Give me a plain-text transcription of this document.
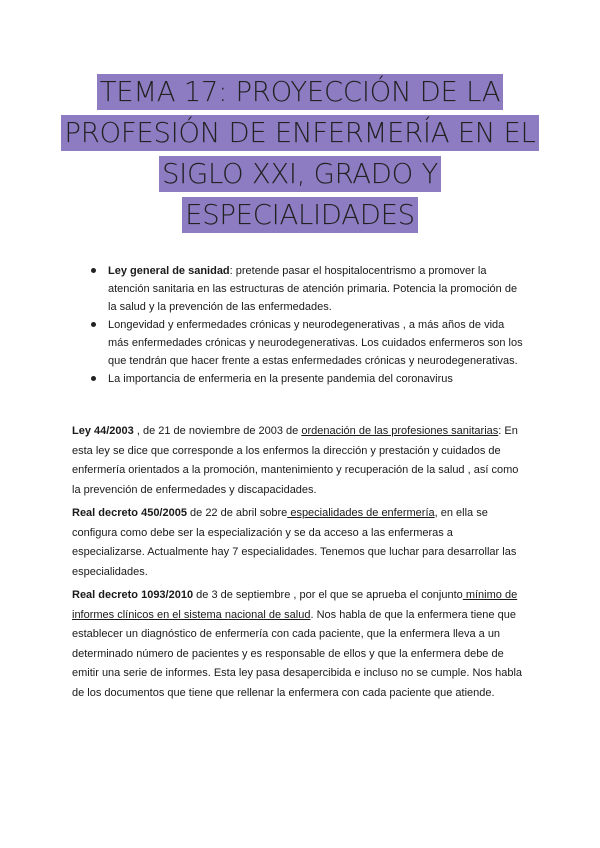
TEMA 17: PROYECCIÓN DE LA
PROFESIÓN DE ENFERMERÍA EN EL
SIGLO XXI, GRADO Y
ESPECIALIDADES
Ley general de sanidad: pretende pasar el hospitalocentrismo a promover la atención sanitaria en las estructuras de atención primaria. Potencia la promoción de la salud y la prevención de las enfermedades.
Longevidad y enfermedades crónicas y neurodegenerativas , a más años de vida más enfermedades crónicas y neurodegenerativas. Los cuidados enfermeros son los que tendrán que hacer frente a estas enfermedades crónicas y neurodegenerativas.
La importancia de enfermeria en la presente pandemia del coronavirus

Ley 44/2003 , de 21 de noviembre de 2003 de ordenación de las profesiones sanitarias: En esta ley se dice que corresponde a los enfermos la dirección y prestación y cuidados de enfermería orientados a la promoción, mantenimiento y recuperación de la salud , así como la prevención de enfermedades y discapacidades.

Real decreto 450/2005 de 22 de abril sobre especialidades de enfermería, en ella se configura como debe ser la especialización y se da acceso a las enfermeras a especializarse. Actualmente hay 7 especialidades. Tenemos que luchar para desarrollar las especialidades.

Real decreto 1093/2010 de 3 de septiembre , por el que se aprueba el conjunto mínimo de informes clínicos en el sistema nacional de salud. Nos habla de que la enfermera tiene que establecer un diagnóstico de enfermería con cada paciente, que la enfermera lleva a un determinado número de pacientes y es responsable de ellos y que la enfermera debe de emitir una serie de informes. Esta ley pasa desapercibida e incluso no se cumple. Nos habla de los documentos que tiene que rellenar la enfermera con cada paciente que atiende.
